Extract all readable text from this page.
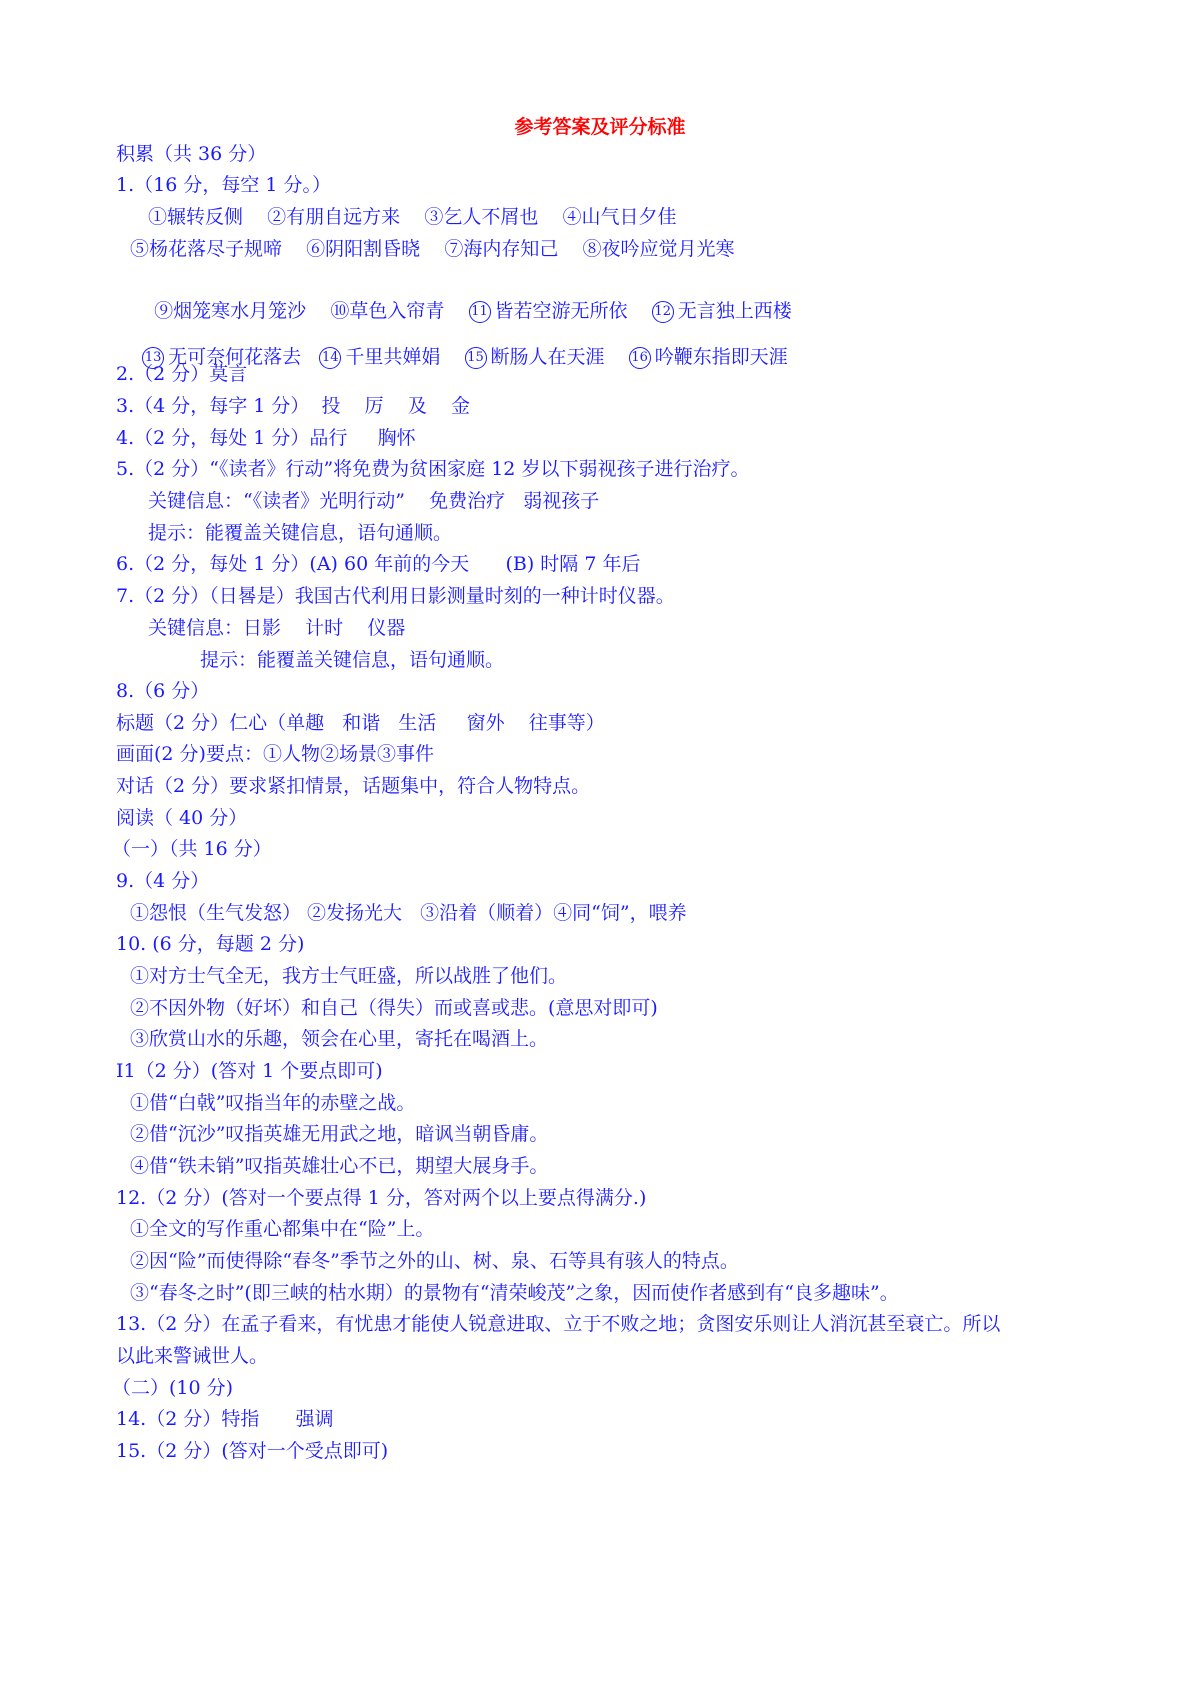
参考答案及评分标准
积累（共 36 分）
1.（16 分，每空 1 分。）
①辗转反侧    ②有朋自远方来    ③乞人不屑也    ④山气日夕佳
⑤杨花落尽子规啼    ⑥阴阳割昏晓    ⑦海内存知己    ⑧夜吟应觉月光寒

⑨烟笼寒水月笼沙    ⑩草色入帘青 11 皆若空游无所依 12 无言独上西楼

13 无可奈何花落去 14 千里共婵娟 15 断肠人在天涯 16 吟鞭东指即天涯

2.（2 分）莫言
3.（4 分，每字 1 分）  投    厉    及    金
4.（2 分，每处 1 分）品行     胸怀
5.（2 分）“《读者》行动”将免费为贫困家庭 12 岁以下弱视孩子进行治疗。
关键信息：“《读者》光明行动”    免费治疗   弱视孩子
提示：能覆盖关键信息，语句通顺。
6.（2 分，每处 1 分）(A) 60 年前的今天      (B) 时隔 7 年后
7.（2 分）（日晷是）我国古代利用日影测量时刻的一种计时仪器。
关键信息：日影    计时    仪器
提示：能覆盖关键信息，语句通顺。
8.（6 分）
标题（2 分）仁心（单趣   和谐   生活     窗外    往事等）
画面(2 分)要点：①人物②场景③事件
对话（2 分）要求紧扣情景，话题集中，符合人物特点。
阅读（ 40 分）
（一）（共 16 分）
9.（4 分）
①怨恨（生气发怒） ②发扬光大   ③沿着（顺着）④同“饲”，喂养
10. (6 分，每题 2 分)
①对方士气全无，我方士气旺盛，所以战胜了他们。
②不因外物（好坏）和自己（得失）而或喜或悲。(意思对即可)
③欣赏山水的乐趣，领会在心里，寄托在喝酒上。
I1（2 分）(答对 1 个要点即可)
①借“白戟”叹指当年的赤壁之战。
②借“沉沙”叹指英雄无用武之地，暗讽当朝昏庸。
④借“铁未销”叹指英雄壮心不已，期望大展身手。
12.（2 分）(答对一个要点得 1 分，答对两个以上要点得满分.)
①全文的写作重心都集中在“险”上。
②因“险”而使得除“春冬”季节之外的山、树、泉、石等具有骇人的特点。
③“春冬之时”(即三峡的枯水期）的景物有“清荣峻茂”之象，因而使作者感到有“良多趣味”。
13.（2 分）在孟子看来，有忧患才能使人锐意进取、立于不败之地；贪图安乐则让人消沉甚至衰亡。所以
以此来警诫世人。
（二）(10 分)
14.（2 分）特指      强调
15.（2 分）(答对一个受点即可)
